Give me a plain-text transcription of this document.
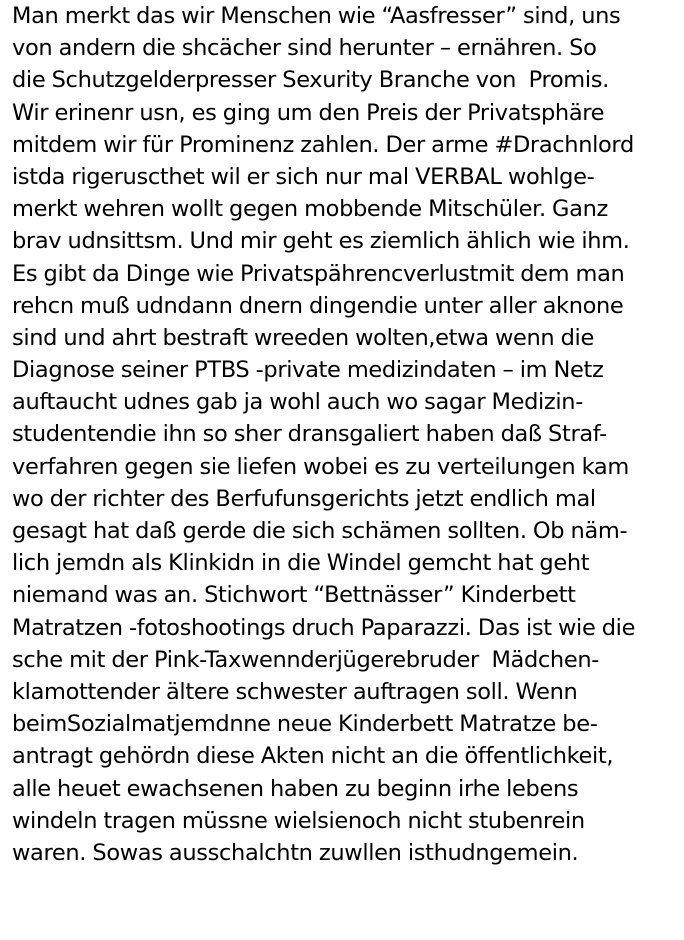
Man merkt das wir Menschen wie “Aasfresser” sind, uns
von andern die shcächer sind herunter – ernähren. So
die Schutzgelderpresser Sexurity Branche von  Promis.
Wir erinenr usn, es ging um den Preis der Privatsphäre
mitdem wir für Prominenz zahlen. Der arme #Drachnlord
istda rigeruscthet wil er sich nur mal VERBAL wohlge-
merkt wehren wollt gegen mobbende Mitschüler. Ganz
brav udnsittsm. Und mir geht es ziemlich ählich wie ihm.
Es gibt da Dinge wie Privatspährencverlustmit dem man
rehcn muß udndann dnern dingendie unter aller aknone
sind und ahrt bestraft wreeden wolten,etwa wenn die
Diagnose seiner PTBS -private medizindaten – im Netz
auftaucht udnes gab ja wohl auch wo sagar Medizin-
studentendie ihn so sher dransgaliert haben daß Straf-
verfahren gegen sie liefen wobei es zu verteilungen kam
wo der richter des Berfufunsgerichts jetzt endlich mal
gesagt hat daß gerde die sich schämen sollten. Ob näm-
lich jemdn als Klinkidn in die Windel gemcht hat geht
niemand was an. Stichwort “Bettnässer” Kinderbett
Matratzen -fotoshootings druch Paparazzi. Das ist wie die
sche mit der Pink-Taxwennderjügerebruder  Mädchen-
klamottender ältere schwester auftragen soll. Wenn
beimSozialmatjemdnne neue Kinderbett Matratze be-
antragt gehördn diese Akten nicht an die öffentlichkeit,
alle heuet ewachsenen haben zu beginn irhe lebens
windeln tragen müssne wielsienoch nicht stubenrein
waren. Sowas ausschalchtn zuwllen isthudngemein.
